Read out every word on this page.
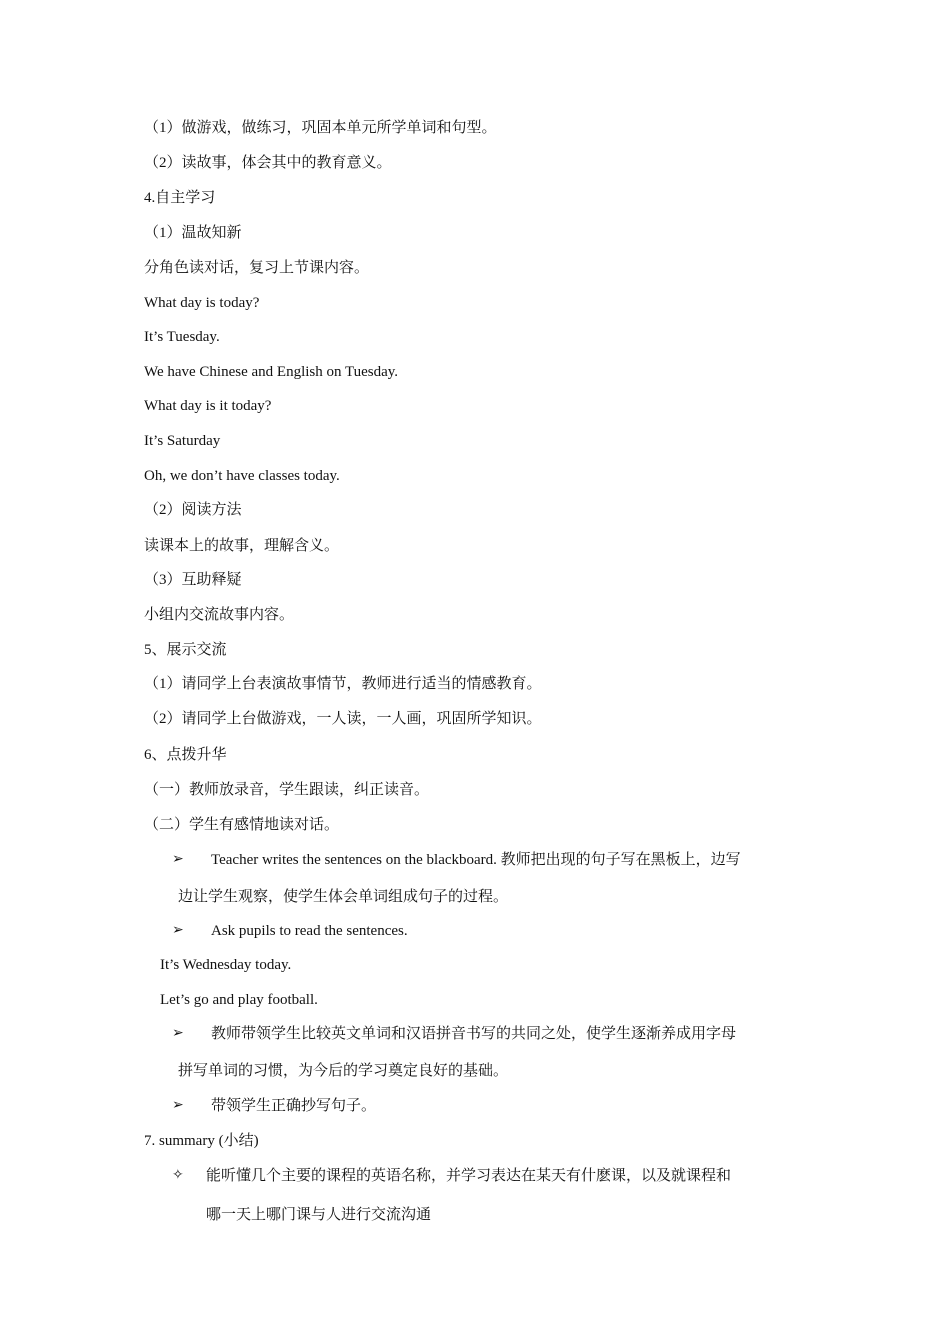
（1）做游戏，做练习，巩固本单元所学单词和句型。
（2）读故事，体会其中的教育意义。
4.自主学习
（1）温故知新
分角色读对话，复习上节课内容。
What day is today?
It’s Tuesday.
We have Chinese and English on Tuesday.
What day is it today?
It’s Saturday
Oh, we don’t have classes today.
（2）阅读方法
读课本上的故事，理解含义。
（3）互助释疑
小组内交流故事内容。
5、展示交流
（1）请同学上台表演故事情节，教师进行适当的情感教育。
（2）请同学上台做游戏，一人读，一人画，巩固所学知识。
6、点拨升华
（一）教师放录音，学生跟读，纠正读音。
（二）学生有感情地读对话。
➢ Teacher writes the sentences on the blackboard. 教师把出现的句子写在黑板上，边写
边让学生观察，使学生体会单词组成句子的过程。
➢ Ask pupils to read the sentences.
It’s Wednesday today.
Let’s go and play football.
➢ 教师带领学生比较英文单词和汉语拼音书写的共同之处，使学生逐渐养成用字母
拼写单词的习惯，为今后的学习奠定良好的基础。
➢ 带领学生正确抄写句子。
7. summary (小结)
✧ 能听懂几个主要的课程的英语名称，并学习表达在某天有什麽课，以及就课程和
哪一天上哪门课与人进行交流沟通
